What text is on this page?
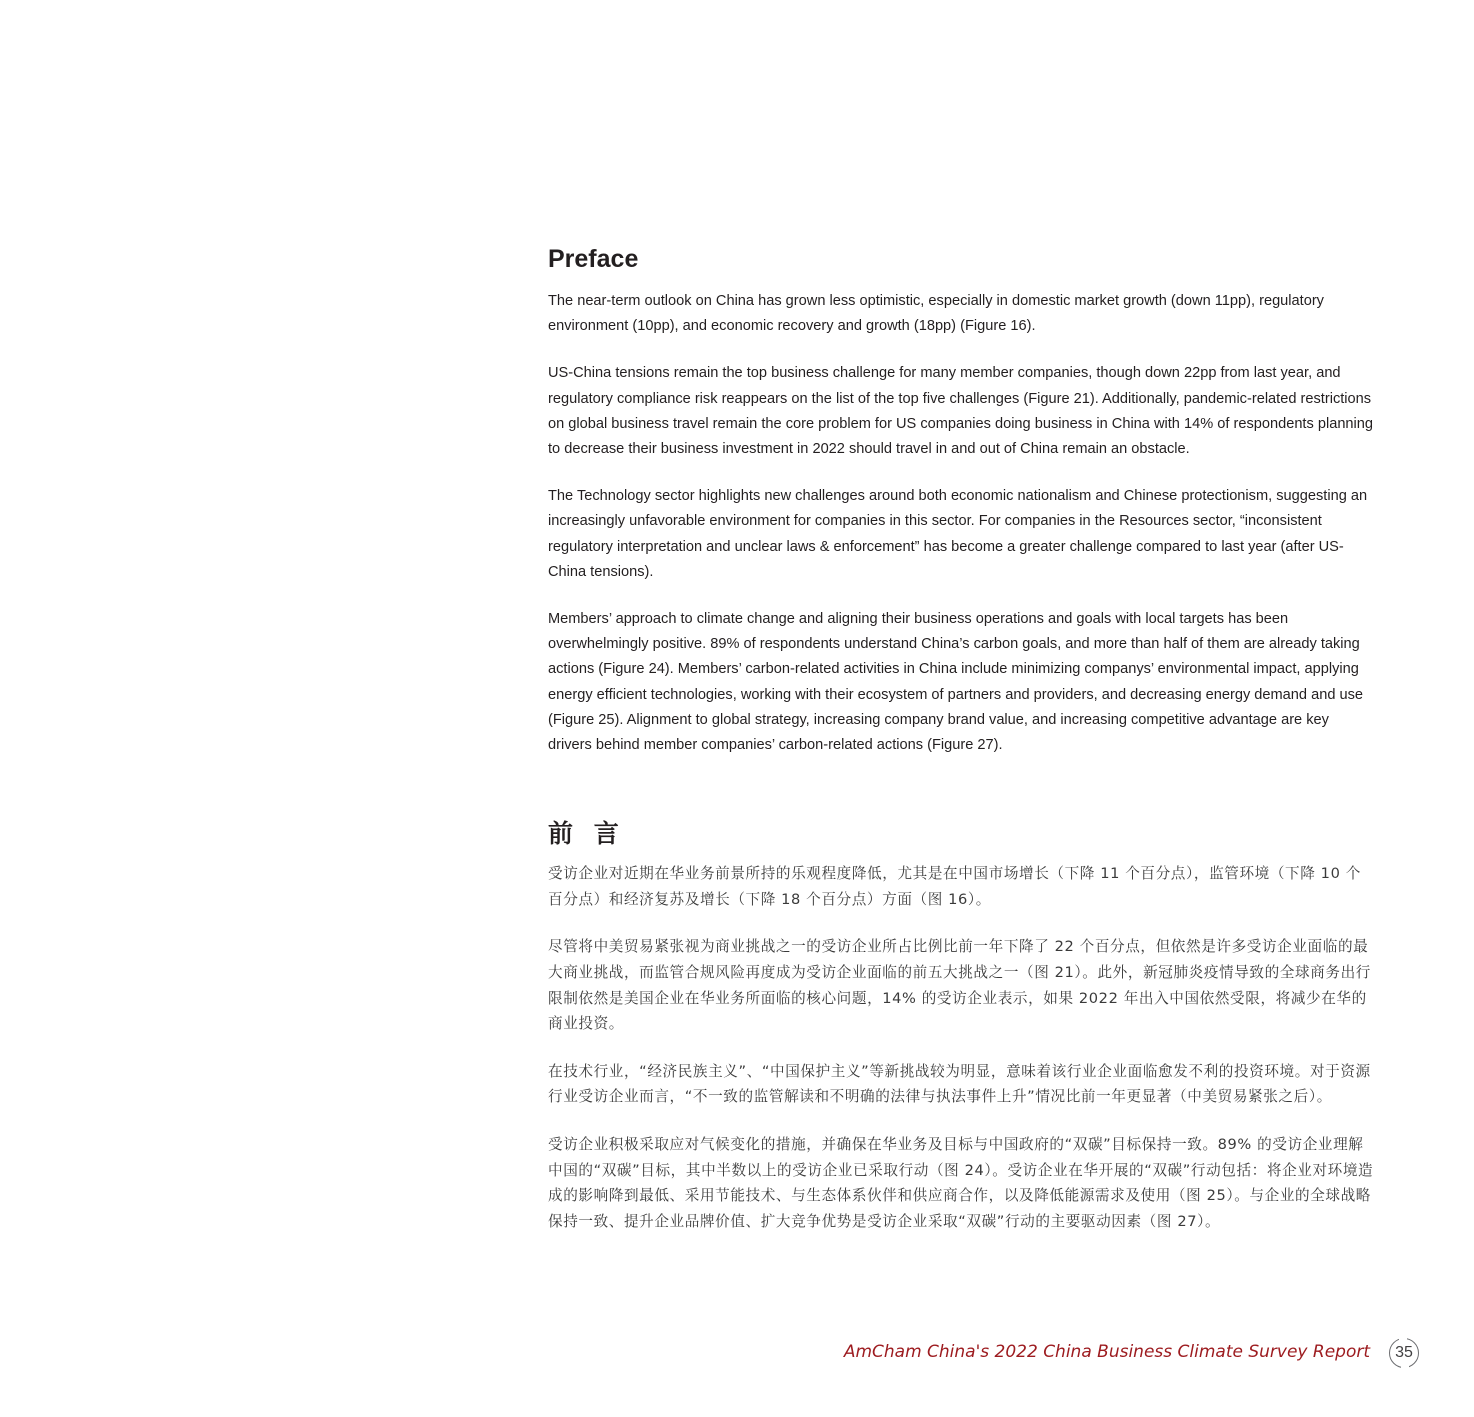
Preface

The near-term outlook on China has grown less optimistic, especially in domestic market growth (down 11pp), regulatory environment (10pp), and economic recovery and growth (18pp) (Figure 16).

US-China tensions remain the top business challenge for many member companies, though down 22pp from last year, and regulatory compliance risk reappears on the list of the top five challenges (Figure 21). Additionally, pandemic-related restrictions on global business travel remain the core problem for US companies doing business in China with 14% of respondents planning to decrease their business investment in 2022 should travel in and out of China remain an obstacle.

The Technology sector highlights new challenges around both economic nationalism and Chinese protectionism, suggesting an increasingly unfavorable environment for companies in this sector. For companies in the Resources sector, “inconsistent regulatory interpretation and unclear laws & enforcement” has become a greater challenge compared to last year (after US-China tensions).

Members’ approach to climate change and aligning their business operations and goals with local targets has been overwhelmingly positive. 89% of respondents understand China’s carbon goals, and more than half of them are already taking actions (Figure 24). Members’ carbon-related activities in China include minimizing companys’ environmental impact, applying energy efficient technologies, working with their ecosystem of partners and providers, and decreasing energy demand and use (Figure 25). Alignment to global strategy, increasing company brand value, and increasing competitive advantage are key drivers behind member companies’ carbon-related actions (Figure 27).

前 言

受访企业对近期在华业务前景所持的乐观程度降低，尤其是在中国市场增长（下降 11 个百分点），监管环境（下降 10 个百分点）和经济复苏及增长（下降 18 个百分点）方面（图 16）。

尽管将中美贸易紧张视为商业挑战之一的受访企业所占比例比前一年下降了 22 个百分点，但依然是许多受访企业面临的最大商业挑战，而监管合规风险再度成为受访企业面临的前五大挑战之一（图 21）。此外，新冠肺炎疫情导致的全球商务出行限制依然是美国企业在华业务所面临的核心问题，14% 的受访企业表示，如果 2022 年出入中国依然受限，将减少在华的商业投资。

在技术行业，“经济民族主义”、“中国保护主义”等新挑战较为明显，意味着该行业企业面临愈发不利的投资环境。对于资源行业受访企业而言，“不一致的监管解读和不明确的法律与执法事件上升”情况比前一年更显著（中美贸易紧张之后）。

受访企业积极采取应对气候变化的措施，并确保在华业务及目标与中国政府的“双碳”目标保持一致。89% 的受访企业理解中国的“双碳”目标，其中半数以上的受访企业已采取行动（图 24）。受访企业在华开展的“双碳”行动包括：将企业对环境造成的影响降到最低、采用节能技术、与生态体系伙伴和供应商合作，以及降低能源需求及使用（图 25）。与企业的全球战略保持一致、提升企业品牌价值、扩大竞争优势是受访企业采取“双碳”行动的主要驱动因素（图 27）。

AmCham China's 2022 China Business Climate Survey Report	35
